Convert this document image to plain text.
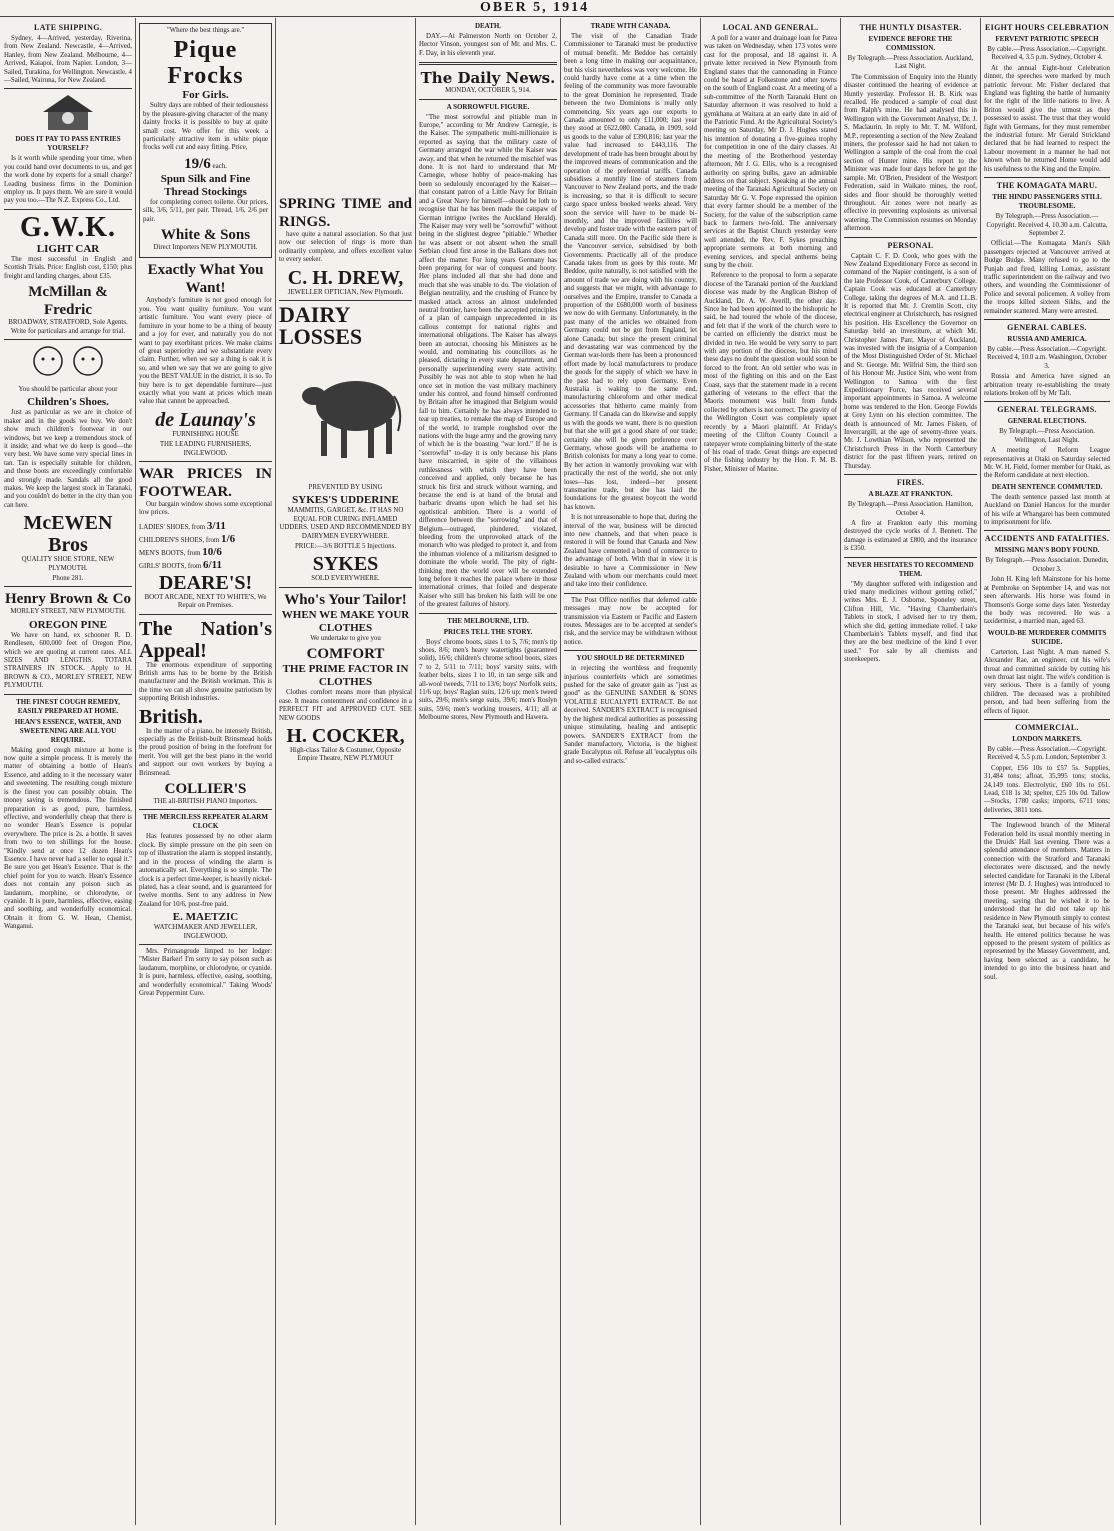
OBER 5, 1914
LATE SHIPPING.

Sydney, 4—Arrived, yesterday, Riverina, from New Zealand. Newcastle, 4—Arrived, Hanley, from New Zealand. Melbourne, 4—Arrived, Kaiapoi, from Napier. London, 3—Sailed, Turakina, for Wellington. Newcastle, 4—Sailed, Wairuna, for New Zealand.

DOES IT PAY TO PASS ENTRIES YOURSELF?

Is it worth while spending your time, when you could hand over documents to us, and get the work done by experts for a small charge? Leading business firms in the Dominion employ us. It pays them. We are sure it would pay you too.—The N.Z. Express Co., Ltd.

G.W.K.
LIGHT CAR

The most successful in English and Scottish Trials. Price: English cost, £150; plus freight and landing charges, about £35.

McMillan & Fredric

BROADWAY, STRATFORD, Sole Agents. Write for particulars and arrange for trial.

You should be particular about your

Children's Shoes.

Just as particular as we are in choice of maker and in the goods we buy. We don't show much children's footwear in our windows, but we keep a tremendous stock of it inside; and what we do keep is good—the very best. We have some very special lines in tan. Tan is especially suitable for children, and those boots are exceedingly comfortable and strongly made. Sandals all the good makes. We keep the largest stock in Taranaki, and you couldn't do better in the city than you can here.

McEWEN Bros

QUALITY SHOE STORE, NEW PLYMOUTH.

Phone 281.

Henry Brown & Co

MORLEY STREET, NEW PLYMOUTH.

OREGON PINE

We have on hand, ex schooner R. D. Rendlesen, 600,000 feet of Oregon Pine, which we are quoting at current rates. ALL SIZES AND LENGTHS. TOTARA STRAINERS IN STOCK. Apply to H. BROWN & CO., MORLEY STREET, NEW PLYMOUTH.

THE FINEST COUGH REMEDY, EASILY PREPARED AT HOME.
HEAN'S ESSENCE, WATER, AND SWEETENING ARE ALL YOU REQUIRE.

Making good cough mixture at home is now quite a simple process. It is merely the matter of obtaining a bottle of Hean's Essence, and adding to it the necessary water and sweetening. The resulting cough mixture is the finest you can possibly obtain. The money saving is tremendous. The finished preparation is as good, pure, harmless, effective, and wonderfully cheap that there is no wonder Hean's Essence is popular everywhere. The price is 2s. a bottle. It saves from two to ten shillings for the house. "Kindly send at once 12 dozen Hean's Essence. I have never had a seller to equal it." Be sure you get Hean's Essence. That is the chief point for you to watch. Hean's Essence does not contain any poison such as laudanum, morphine, or chlorodyne, or cyanide. It is pure, harmless, effective, easing and soothing, and wonderfully economical. Obtain it from G. W. Hean, Chemist, Wanganui.

"Where the best things are."

Pique Frocks
For Girls.

Sultry days are robbed of their tediousness by the pleasure-giving character of the many dainty frocks it is possible to buy at quite small cost. We offer for this week a particularly attractive item in white pique frocks well cut and easy fitting. Price,

19/6 each.
Spun Silk and Fine Thread Stockings

for completing correct toilette. Our prices, silk, 3/6, 5/11, per pair. Thread, 1/6, 2/6 per pair.

White & Sons

Direct Importers NEW PLYMOUTH.

Exactly What You Want!

Anybody's furniture is not good enough for you. You want quality furniture. You want artistic furniture. You want every piece of furniture in your home to be a thing of beauty and a joy for ever, and naturally you do not want to pay exorbitant prices. We make claims of great superiority and we substantiate every claim. Further, when we say a thing is oak it is so, and when we say that we are going to give you the BEST VALUE in the district, it is so. To buy here is to get dependable furniture—just exactly what you want at prices which mean value that cannot be approached.

de Launay's

FURNISHING HOUSE

THE LEADING FURNISHERS, INGLEWOOD.

WAR PRICES IN FOOTWEAR.

Our bargain window shows some exceptional low prices.

LADIES' SHOES, from 3/11
CHILDREN'S SHOES, from 1/6
MEN'S BOOTS, from 10/6
GIRLS' BOOTS, from 6/11
DEARE'S!

BOOT ARCADE, NEXT TO WHITE'S, We Repair on Premises.

The Nation's Appeal!

The enormous expenditure of supporting British arms has to be borne by the British manufacturer and the British workman. This is the time we can all show genuine patriotism by supporting British industries.

British.

In the matter of a piano, be intensely British, especially as the British-built Brinsmead holds the proud position of being in the forefront for merit. You will get the best piano in the world and support our own workers by buying a Brinsmead.

COLLIER'S

THE all-BRITISH PIANO Importers.

THE MERCILESS REPEATER ALARM CLOCK

Has features possessed by no other alarm clock. By simple pressure on the pin seen on top of illustration the alarm is stopped instantly, and in the process of winding the alarm is automatically set. Everything is so simple. The clock is a perfect time-keeper, is heavily nickel-plated, has a clear sound, and is guaranteed for twelve months. Sent to any address in New Zealand for 10/6, post-free paid.

E. MAETZIC

WATCHMAKER AND JEWELLER, INGLEWOOD.

Mrs. Primangrude limped to her lodger: "Mister Barker! I'm sorry to say poison such as laudanum, morphine, or chlorodyne, or cyanide. It is pure, harmless, effective, easing, soothing, and wonderfully economical." Taking Woods' Great Peppermint Cure.

SPRING TIME and RINGS.

have quite a natural association. So that just now our selection of rings is more than ordinarily complete, and offers excellent value to every seeker.

C. H. DREW,

JEWELLER OPTICIAN, New Plymouth.

DAIRY LOSSES

PREVENTED BY USING

SYKES'S UDDERINE

MAMMITIS, GARGET, &c. IT HAS NO EQUAL FOR CURING INFLAMED UDDERS. USED AND RECOMMENDED BY DAIRYMEN EVERYWHERE.

PRICE:—3/6 BOTTLE 5 Injections.

SYKES

SOLD EVERYWHERE.

Who's Your Tailor!
WHEN WE MAKE YOUR CLOTHES

We undertake to give you

COMFORT
THE PRIME FACTOR IN CLOTHES

Clothes comfort means more than physical ease. It means contentment and confidence in a PERFECT FIT and APPROVED CUT. SEE NEW GOODS

H. COCKER,

High-class Tailor & Costumer, Opposite Empire Theatre, NEW PLYMOUT

DEATH.

DAY.—At Palmerston North on October 2, Hector Vinson, youngest son of Mr. and Mrs. C. F. Day, in his eleventh year.

The Daily News.

MONDAY, OCTOBER 5, 914.

A SORROWFUL FIGURE.

"The most sorrowful and pitiable man in Europe," according to Mr Andrew Carnegie, is the Kaiser. The sympathetic multi-millionaire is reported as saying that the military caste of Germany arranged the war while the Kaiser was away, and that when he returned the mischief was done. It is not hard to understand that Mr Carnegie, whose hobby of peace-making has been so sedulously encouraged by the Kaiser—that constant patron of a Little Navy for Britain and a Great Navy for himself—should be loth to recognise that he has been made the catspaw of German intrigue (writes the Auckland Herald). The Kaiser may very well be "sorrowful" without being in the slightest degree "pitiable." Whether he was absent or not absent when the small Serbian cloud first arose in the Balkans does not affect the matter. For long years Germany has been preparing for war of conquest and booty. Her plans included all that she had done and much that she was unable to do. The violation of Belgian neutrality, and the crushing of France by masked attack across an almost undefended neutral frontier, have been the accepted principles of a plan of campaign unprecedented in its callous contempt for national rights and international obligations. The Kaiser has always been an autocrat, choosing his Ministers as he would, and nominating his councillors as he pleased, dictating in every state department, and personally superintending every state activity. Possibly he was not able to stop when he had once set in motion the vast military machinery under his control, and found himself confronted by Britain after he imagined that Belgium would fall to him. Certainly he has always intended to tear up treaties, to remake the map of Europe and of the world, to trample roughshod over the nations with the huge army and the growing navy of which he is the boasting "war lord." If he is "sorrowful" to-day it is only because his plans have miscarried, in spite of the villainous ruthlessness with which they have been conceived and applied, only because he has struck his first and struck without warning, and because the end is at hand of the brutal and barbaric dreams upon which he had set his egotistical ambition. There is a world of difference between the "sorrowing" and that of Belgium—outraged, plundered, violated, bleeding from the unprovoked attack of the monarch who was pledged to protect it, and from the inhuman violence of a militarism designed to dominate the whole world. The pity of right-thinking men the world over will be extended long before it reaches the palace where in those international crimes, that foiled and desperate Kaiser who still has broken his faith will be one of the greatest failures of history.

THE MELBOURNE, LTD.
PRICES TELL THE STORY.

Boys' chrome boots, sizes 1 to 5, 7/6; men's tip shoes, 8/6; men's heavy watertights (guaranteed solid), 16/6; children's chrome school boots, sizes 7 to 2, 5/11 to 7/11; boys' varsity suits, with leather belts, sizes 1 to 10, in tan serge silk and all-wool tweeds, 7/11 to 13/6; boys' Norfolk suits, 11/6 up; boys' Raglan suits, 12/6 up; men's tweed suits, 29/6; men's serge suits, 39/6; men's Roslyn suits, 59/6; men's working trousers, 4/11; all at Melbourne stores, New Plymouth and Hawera.

TRADE WITH CANADA.

The visit of the Canadian Trade Commissioner to Taranaki must be productive of mutual benefit. Mr Beddoe has certainly been a long time in making our acquaintance, but his visit nevertheless was very welcome. He could hardly have come at a time when the feeling of the community was more favourable to the great Dominion he represented. Trade between the two Dominions is really only commencing. Six years ago our exports to Canada amounted to only £11,000; last year they stood at £622,080. Canada, in 1909, sold us goods to the value of £390,816; last year the value had increased to £443,116. The development of trade has been brought about by the improved means of communication and the operation of the preferential tariffs. Canada subsidises a monthly line of steamers from Vancouver to New Zealand ports, and the trade is increasing, so that it is difficult to secure cargo space unless booked weeks ahead. Very soon the service will have to be made bi-monthly, and the improved facilities will develop and foster trade with the eastern part of Canada still more. On the Pacific side there is the Vancouver service, subsidised by both Governments. Practically all of the produce Canada takes from us goes by this route. Mr Beddoe, quite naturally, is not satisfied with the amount of trade we are doing with his country, and suggests that we might, with advantage to ourselves and the Empire, transfer to Canada a proportion of the £680,000 worth of business we now do with Germany. Unfortunately, in the past many of the articles we obtained from Germany could not be got from England, let alone Canada; but since the present criminal and devastating war was commenced by the German war-lords there has been a pronounced effort made by local manufacturers to produce the goods for the supply of which we have in the past had to rely upon Germany. Even Australia is waking to the same end, manufacturing chloroform and other medical accessories that hitherto came mainly from Germany. If Canada can do likewise and supply us with the goods we want, there is no question but that she will get a good share of our trade; certainly she will be given preference over Germany, whose goods will be anathema to British colonists for many a long year to come. By her action in wantonly provoking war with practically the rest of the world, she not only loses—has lost, indeed—her present transmarine trade, but she has laid the foundations for the greatest boycott the world has known.

It is not unreasonable to hope that, during the interval of the war, business will be directed into new channels, and that when peace is restored it will be found that Canada and New Zealand have cemented a bond of commerce to the advantage of both. With that in view it is desirable to have a Commissioner in New Zealand with whom our merchants could meet and take into their confidence.

The Post Office notifies that deferred cable messages may now be accepted for transmission via Eastern or Pacific and Eastern routes. Messages are to be accepted at sender's risk, and the service may be withdrawn without notice.

YOU SHOULD BE DETERMINED

in rejecting the worthless and frequently injurious counterfeits which are sometimes pushed for the sake of greater gain as "just as good" as the GENUINE SANDER & SONS VOLATILE EUCALYPTI EXTRACT. Be not deceived. SANDER'S EXTRACT is recognised by the highest medical authorities as possessing unique stimulating, healing and antiseptic powers. SANDER'S EXTRACT from the Sander manufactory, Victoria, is the highest grade Eucalyptus oil. Refuse all 'eucalyptus oils and so-called extracts.'

LOCAL AND GENERAL.

A poll for a water and drainage loan for Patea was taken on Wednesday, when 173 votes were cast for the proposal, and 18 against it. A private letter received in New Plymouth from England states that the cannonading in France could be heard at Folkestone and other towns on the south of England coast. At a meeting of a sub-committee of the North Taranaki Hunt on Saturday afternoon it was resolved to hold a gymkhana at Waitara at an early date in aid of the Patriotic Fund. At the Agricultural Society's meeting on Saturday, Mr D. J. Hughes stated his intention of donating a five-guinea trophy for competition in one of the dairy classes. At the meeting of the Brotherhood yesterday afternoon, Mr J. G. Ellis, who is a recognised authority on spring bulbs, gave an admirable address on that subject. Speaking at the annual meeting of the Taranaki Agricultural Society on Saturday Mr G. V. Pope expressed the opinion that every farmer should be a member of the Society, for the value of the subscription came back to farmers two-fold. The anniversary services at the Baptist Church yesterday were well attended, the Rev. F. Sykes preaching appropriate sermons at both morning and evening services, and special anthems being sung by the choir.

Reference to the proposal to form a separate diocese of the Taranaki portion of the Auckland diocese was made by the Anglican Bishop of Auckland, Dr. A. W. Averill, the other day. Since he had been appointed to the bishopric he said, he had toured the whole of the diocese, and felt that if the work of the church were to be carried on efficiently the district must be divided in two. He would be very sorry to part with any portion of the diocese, but his mind these days no doubt the question would soon be forced to the front. An old settler who was in most of the fighting on this and on the East Coast, says that the statement made in a recent gathering of veterans to the effect that the Maoris monument was built from funds collected by others is not correct. The gravity of the Wellington Court was completely upset recently by a Maori plaintiff. At Friday's meeting of the Clifton County Council a ratepayer wrote complaining bitterly of the state of his road of trade. Great things are expected of the fishing industry by the Hon. F. M. B. Fisher, Minister of Marine.

THE HUNTLY DISASTER.
EVIDENCE BEFORE THE COMMISSION.

By Telegraph.—Press Association. Auckland, Last Night.

The Commission of Enquiry into the Huntly disaster continued the hearing of evidence at Huntly yesterday. Professor H. B. Kirk was recalled. He produced a sample of coal dust from Ralph's mine. He had analysed this in Wellington with the Government Analyst, Dr. J. S. Maclaurin. In reply to Mr. T. M. Wilford, M.P., representing a section of the New Zealand miners, the professor said he had not taken to Wellington a sample of the coal from the coal section of Hunter mine. His report to the Minister was made four days before he got the sample. Mr. O'Brien, President of the Westport Federation, said in Waikato mines, the roof, sides and floor should be thoroughly wetted throughout. Air zones were not nearly as effective in preventing explosions as universal watering. The Commission resumes on Monday afternoon.

PERSONAL

Captain C. F. D. Cook, who goes with the New Zealand Expeditionary Force as second in command of the Napier contingent, is a son of the late Professor Cook, of Canterbury College. Captain Cook was educated at Canterbury College, taking the degrees of M.A. and LL.B. It is reported that Mr. J. Cremlin Scott, city electrical engineer at Christchurch, has resigned his position. His Excellency the Governor on Saturday held an investiture, at which Mr. Christopher James Parr, Mayor of Auckland, was invested with the insignia of a Companion of the Most Distinguished Order of St. Michael and St. George. Mr. Wilfrid Sim, the third son of his Honour Mr. Justice Sim, who went from Wellington to Samoa with the first Expeditionary Force, has received several important appointments in Samoa. A welcome home was tendered to the Hon. George Fowlds at Grey Lynn on his election committee. The death is announced of Mr. James Fisken, of Invercargill, at the age of seventy-three years. Mr. J. Lowthian Wilson, who represented the Christchurch Press in the North Canterbury district for the past fifteen years, retired on Thursday.

FIRES.
A BLAZE AT FRANKTON.

By Telegraph.—Press Association. Hamilton, October 4.

A fire at Frankton early this morning destroyed the cycle works of J. Bennett. The damage is estimated at £800, and the insurance is £350.

NEVER HESITATES TO RECOMMEND THEM.

"My daughter suffered with indigestion and tried many medicines without getting relief," writes Mrs. E. J. Osborne, Sponeley street, Clifton Hill, Vic. "Having Chamberlain's Tablets in stock, I advised her to try them, which she did, getting immediate relief. I take Chamberlain's Tablets myself, and find that they are the best medicine of the kind I ever used." For sale by all chemists and storekeepers.

EIGHT HOURS CELEBRATION
FERVENT PATRIOTIC SPEECH

By cable.—Press Association.—Copyright. Received 4, 3.5 p.m. Sydney, October 4.

At the annual Eight-hour Celebration dinner, the speeches were marked by much patriotic fervour. Mr. Fisher declared that England was fighting the battle of humanity for the right of the little nations to live. A Briton would give the utmost as they possessed to assist. The trust that they would fight with Germans, for they must remember the industrial future. Mr Gerald Strickland declared that he had learned to respect the Labour movement in a manner he had not known when he returned Home would add his usefulness to the King and the Empire.

THE KOMAGATA MARU.
THE HINDU PASSENGERS STILL TROUBLESOME.

By Telegraph.—Press Association.—Copyright. Received 4, 10.30 a.m. Calcutta, September 2.

Official.—The Komagata Maru's Sikh passengers rejected at Vancouver arrived at Budge Budge. Many refused to go to the Punjab and fired, killing Lomax, assistant traffic superintendent on the railway and two others, and wounding the Commissioner of Police and several policemen. A volley from the troops killed sixteen Sikhs, and the remainder scattered. Many were arrested.

GENERAL CABLES.
RUSSIA AND AMERICA.

By cable.—Press Association.—Copyright. Received 4, 10.0 a.m. Washington, October 3.

Russia and America have signed an arbitration treaty re-establishing the treaty relations broken off by Mr Taft.

GENERAL TELEGRAMS.
GENERAL ELECTIONS.

By Telegraph.—Press Association. Wellington, Last Night.

A meeting of Reform League representatives at Otaki on Saturday selected Mr. W. H. Field, former member for Otaki, as the Reform candidate at next election.

DEATH SENTENCE COMMUTED.

The death sentence passed last month at Auckland on Daniel Hancox for the murder of his wife at Whangarei has been commuted to imprisonment for life.

ACCIDENTS AND FATALITIES.
MISSING MAN'S BODY FOUND.

By Telegraph.—Press Association. Dunedin, October 3.

John H. King left Mainstone for his home at Pembroke on September 14, and was not seen afterwards. His horse was found in Thomson's Gorge some days later. Yesterday the body was recovered. He was a taxidermist, a married man, aged 63.

WOULD-BE MURDERER COMMITS SUICIDE.

Carterton, Last Night. A man named S. Alexander Rae, an engineer, cut his wife's throat and committed suicide by cutting his own throat last night. The wife's condition is very serious. There is a family of young children. The deceased was a prohibited person, and had been suffering from the effects of liquor.

COMMERCIAL.
LONDON MARKETS.

By cable.—Press Association.—Copyright. Received 4, 5.5 p.m. London, September 3.

Copper, £56 10s to £57 5s. Supplies, 31,484 tons; afloat, 35,995 tons; stocks, 24,149 tons. Electrolytic, £60 10s to £61. Lead, £18 1s 3d; spelter, £25 10s 0d. Tallow—Stocks, 1780 casks; imports, 6711 tons; deliveries, 3811 tons.

The Inglewood branch of the Mineral Federation held its usual monthly meeting in the Druids' Hall last evening. There was a splendid attendance of members. Matters in connection with the Stratford and Taranaki electorates were discussed, and the newly selected candidate for Taranaki in the Liberal interest (Mr D. J. Hughes) was introduced to those present. Mr Hughes addressed the meeting, saying that he wished it to be understood that he did not take up his residence in New Plymouth simply to contest the Taranaki seat, but because of his wife's health. He entered politics because he was opposed to the present system of politics as represented by the Massey Government, and, having been selected as a candidate, he intended to go into the business heart and soul.
